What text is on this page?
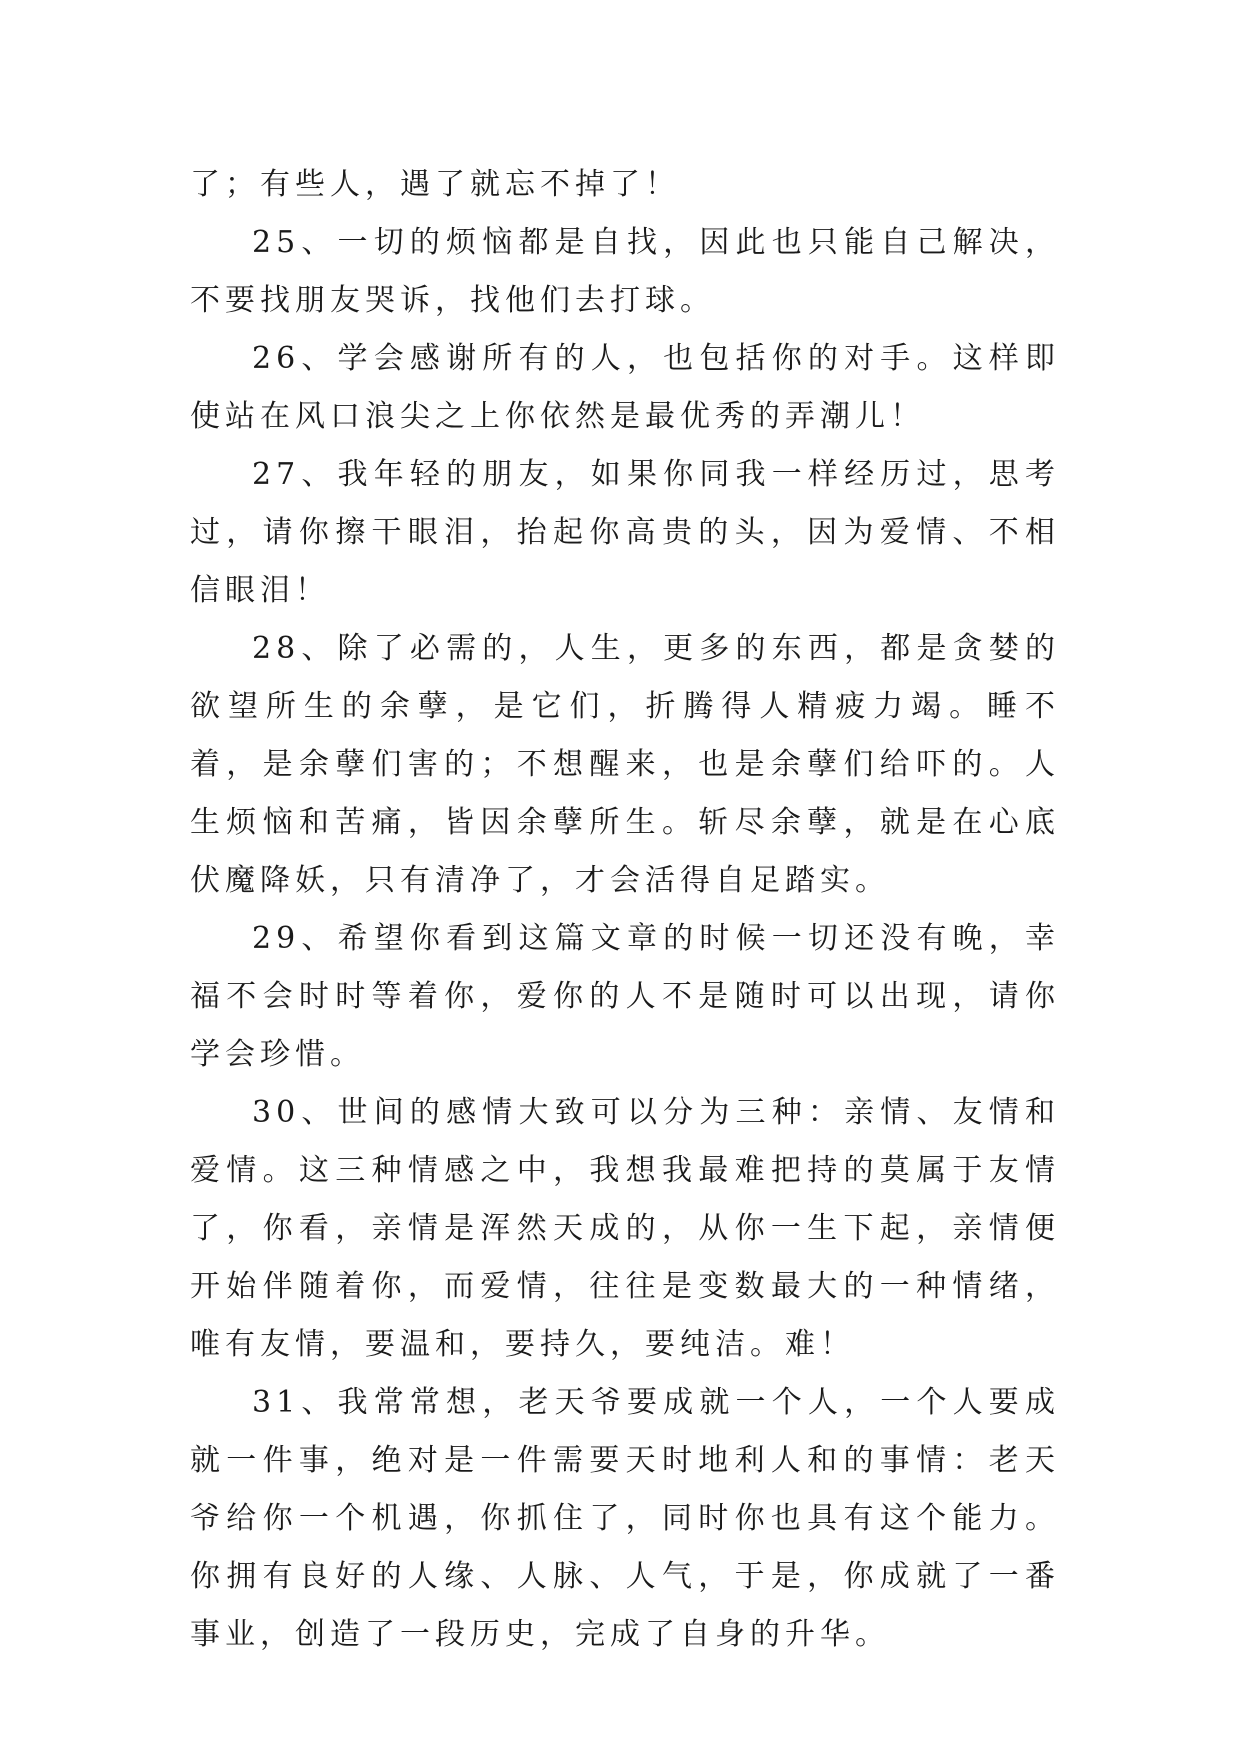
了；有些人，遇了就忘不掉了！

25、一切的烦恼都是自找，因此也只能自己解决，不要找朋友哭诉，找他们去打球。

26、学会感谢所有的人，也包括你的对手。这样即使站在风口浪尖之上你依然是最优秀的弄潮儿！

27、我年轻的朋友，如果你同我一样经历过，思考过，请你擦干眼泪，抬起你高贵的头，因为爱情、不相信眼泪！

28、除了必需的，人生，更多的东西，都是贪婪的欲望所生的余孽，是它们，折腾得人精疲力竭。睡不着，是余孽们害的；不想醒来，也是余孽们给吓的。人生烦恼和苦痛，皆因余孽所生。斩尽余孽，就是在心底伏魔降妖，只有清净了，才会活得自足踏实。

29、希望你看到这篇文章的时候一切还没有晚，幸福不会时时等着你，爱你的人不是随时可以出现，请你学会珍惜。

30、世间的感情大致可以分为三种：亲情、友情和爱情。这三种情感之中，我想我最难把持的莫属于友情了，你看，亲情是浑然天成的，从你一生下起，亲情便开始伴随着你，而爱情，往往是变数最大的一种情绪，唯有友情，要温和，要持久，要纯洁。难！

31、我常常想，老天爷要成就一个人，一个人要成就一件事，绝对是一件需要天时地利人和的事情：老天爷给你一个机遇，你抓住了，同时你也具有这个能力。你拥有良好的人缘、人脉、人气，于是，你成就了一番事业，创造了一段历史，完成了自身的升华。
